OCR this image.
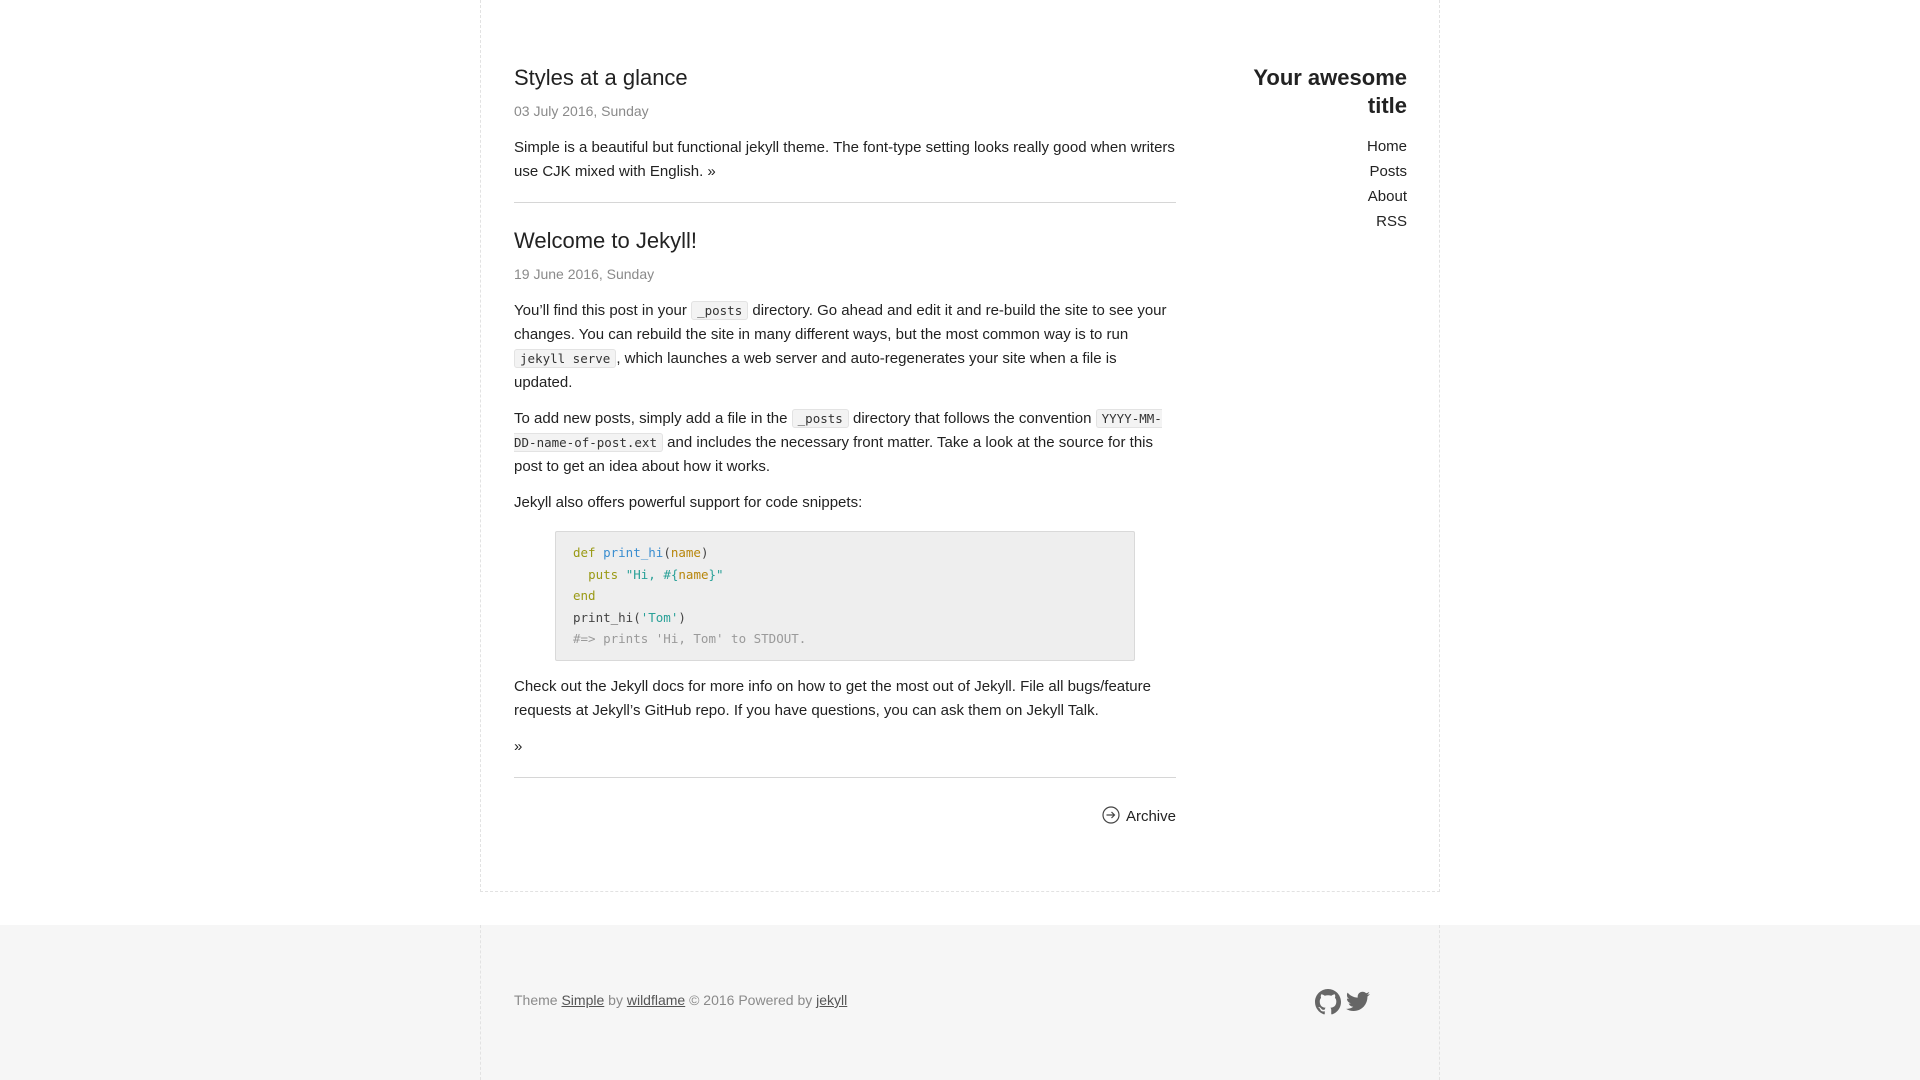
Styles at a glance
03 July 2016, Sunday

Simple is a beautiful but functional jekyll theme. The font-type setting looks really good when writers use CJK mixed with English. »

Welcome to Jekyll!
19 June 2016, Sunday

You’ll find this post in your _posts directory. Go ahead and edit it and re-build the site to see your changes. You can rebuild the site in many different ways, but the most common way is to run jekyll serve , which launches a web server and auto-regenerates your site when a file is updated.

To add new posts, simply add a file in the _posts directory that follows the convention YYYY-MM-DD-name-of-post.ext and includes the necessary front matter. Take a look at the source for this post to get an idea about how it works.

Jekyll also offers powerful support for code snippets:

def print_hi(name)
puts "Hi, #{name}"
end
print_hi('Tom')
#=> prints 'Hi, Tom' to STDOUT.

Check out the Jekyll docs for more info on how to get the most out of Jekyll. File all bugs/feature requests at Jekyll’s GitHub repo. If you have questions, you can ask them on Jekyll Talk.

»

Archive
Your awesome title
Home
Posts
About
RSS
Theme Simple by wildflame © 2016 Powered by jekyll
